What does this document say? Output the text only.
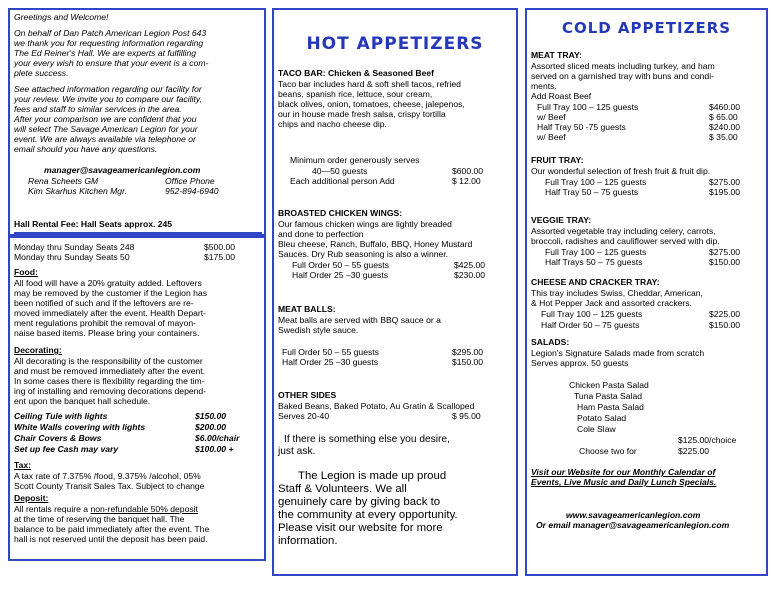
Greetings and Welcome!
On behalf of Dan Patch American Legion Post 643
we thank you for requesting information regarding
The Ed Reiner's Hall. We are experts at fulfilling
your every wish to ensure that your event is a com-
plete success.
See attached information regarding our facility for
your review. We invite you to compare our facility,
fees and staff to similar services in the area.
After your comparison we are confident that you
will select The Savage American Legion for your
event. We are always available via telephone or
email should you have any questions.
manager@savageamericanlegion.com
Rena Scheets GM	Office Phone
Kim Skarhus Kitchen Mgr.	952-894-6940
Hall Rental Fee: Hall Seats approx. 245
Monday thru Sunday Seats 248	$500.00
Monday thru Sunday Seats 50	$175.00
Food:
All food will have a 20% gratuity added. Leftovers
may be removed by the customer if the Legion has
been notified of such and if the leftovers are re-
moved immediately after the event. Health Depart-
ment regulations prohibit the removal of mayon-
naise based items. Please bring your containers.
Decorating:
All decorating is the responsibility of the customer
and must be removed immediately after the event.
In some cases there is flexibility regarding the tim-
ing of installing and removing decorations depend-
ent upon the banquet hall schedule.
Ceiling Tule with lights	$150.00
White Walls covering with lights	$200.00
Chair Covers & Bows	$6.00/chair
Set up fee Cash may vary	$100.00 +
Tax:
A tax rate of 7.375% /food, 9.375% /alcohol, 05%
Scott County Transit Sales Tax. Subject to change
Deposit:
All rentals require a non-refundable 50% deposit
at the time of reserving the banquet hall. The
balance to be paid immediately after the event. The
hall is not reserved until the deposit has been paid.
HOT APPETIZERS
TACO BAR: Chicken & Seasoned Beef
Taco bar includes hard & soft shell tacos, refried
beans, spanish rice, lettuce, sour cream,
black olives, onion, tomatoes, cheese, jalepenos,
our in house made fresh salsa, crispy tortilla
chips and nacho cheese dip.
Minimum order generously serves
40—50 guests	$600.00
Each additional person Add	$ 12.00
BROASTED CHICKEN WINGS:
Our famous chicken wings are lightly breaded
and done to perfection
Bleu cheese, Ranch, Buffalo, BBQ, Honey Mustard
Sauces. Dry Rub seasoning is also a winner.
Full Order 50 – 55 guests	$425.00
Half Order 25 –30 guests	$230.00
MEAT BALLS:
Meat balls are served with BBQ sauce or a
Swedish style sauce.
Full Order 50 – 55 guests	$295.00
Half Order 25 –30 guests	$150.00
OTHER SIDES
Baked Beans, Baked Potato, Au Gratin & Scalloped
Serves 20-40	$ 95.00
If there is something else you desire,
just ask.
The Legion is made up proud
Staff & Volunteers. We all
genuinely care by giving back to
the community at every opportunity.
Please visit our website for more
information.
COLD APPETIZERS
MEAT TRAY:
Assorted sliced meats including turkey, and ham
served on a garnished tray with buns and condi-
ments.
Add Roast Beef
Full Tray 100 – 125 guests	$460.00
w/ Beef	$ 65.00
Half Tray 50 -75 guests	$240.00
w/ Beef	$ 35.00
FRUIT TRAY:
Our wonderful selection of fresh fruit & fruit dip.
Full Tray 100 – 125 guests	$275.00
Half Tray 50 – 75 guests	$195.00
VEGGIE TRAY:
Assorted vegetable tray including celery, carrots,
broccoli, radishes and cauliflower served with dip.
Full Tray 100 – 125 guests	$275.00
Half Trays 50 – 75 guests	$150.00
CHEESE AND CRACKER TRAY:
This tray includes Swiss, Cheddar, American,
& Hot Pepper Jack and assorted crackers.
Full Tray 100 – 125 guests	$225.00
Half Order 50 – 75 guests	$150.00
SALADS:
Legion's Signature Salads made from scratch
Serves approx. 50 guests
Chicken Pasta Salad
Tuna Pasta Salad
Ham Pasta Salad
Potato Salad
Cole Slaw
$125.00/choice
Choose two for	$225.00
Visit our Website for our Monthly Calendar of
Events, Live Music and Daily Lunch Specials.
www.savageamericanlegion.com
Or email manager@savageamericanlegion.com
